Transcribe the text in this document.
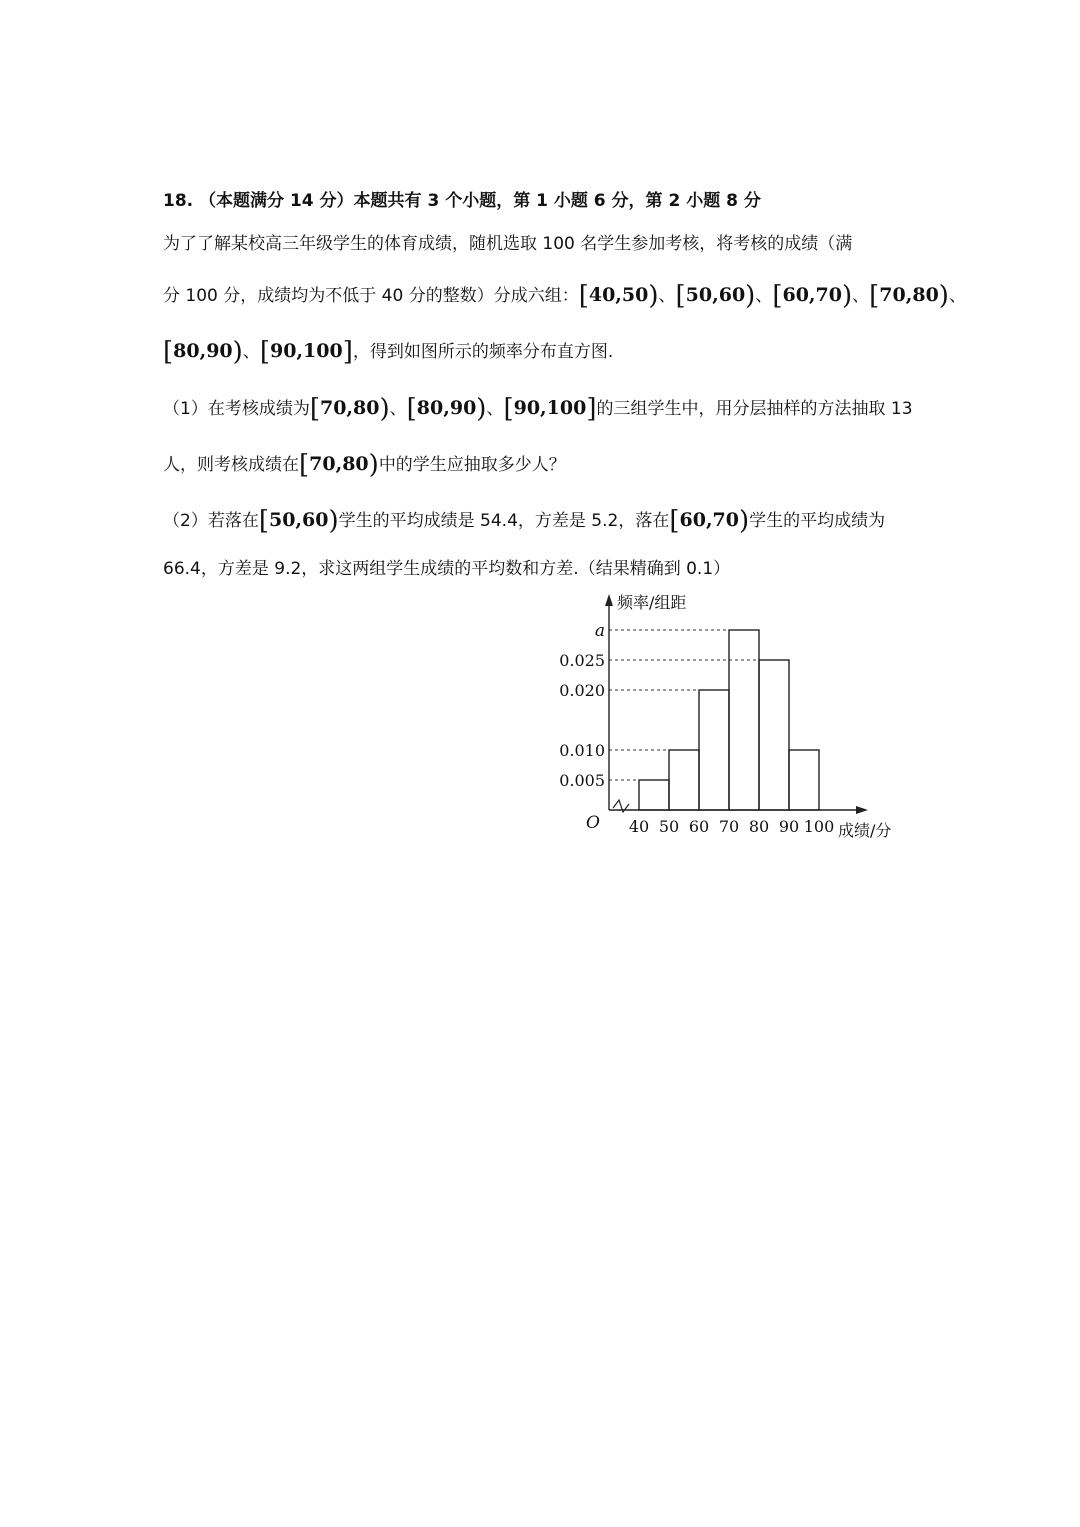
18. （本题满分 14 分）本题共有 3 个小题，第 1 小题 6 分，第 2 小题 8 分
为了了解某校高三年级学生的体育成绩，随机选取 100 名学生参加考核，将考核的成绩（满
分 100 分，成绩均为不低于 40 分的整数）分成六组：[40,50)、[50,60)、[60,70)、[70,80)、
[80,90)、[90,100]，得到如图所示的频率分布直方图.
（1）在考核成绩为[70,80)、[80,90)、[90,100]的三组学生中，用分层抽样的方法抽取 13
人，则考核成绩在[70,80)中的学生应抽取多少人？
（2）若落在[50,60)学生的平均成绩是 54.4，方差是 5.2，落在[60,70)学生的平均成绩为
66.4，方差是 9.2，求这两组学生成绩的平均数和方差.（结果精确到 0.1）
0.005
0.010
0.020
0.025
a
40 50 60 70 80 90 100
O
频率/组距
成绩/分
